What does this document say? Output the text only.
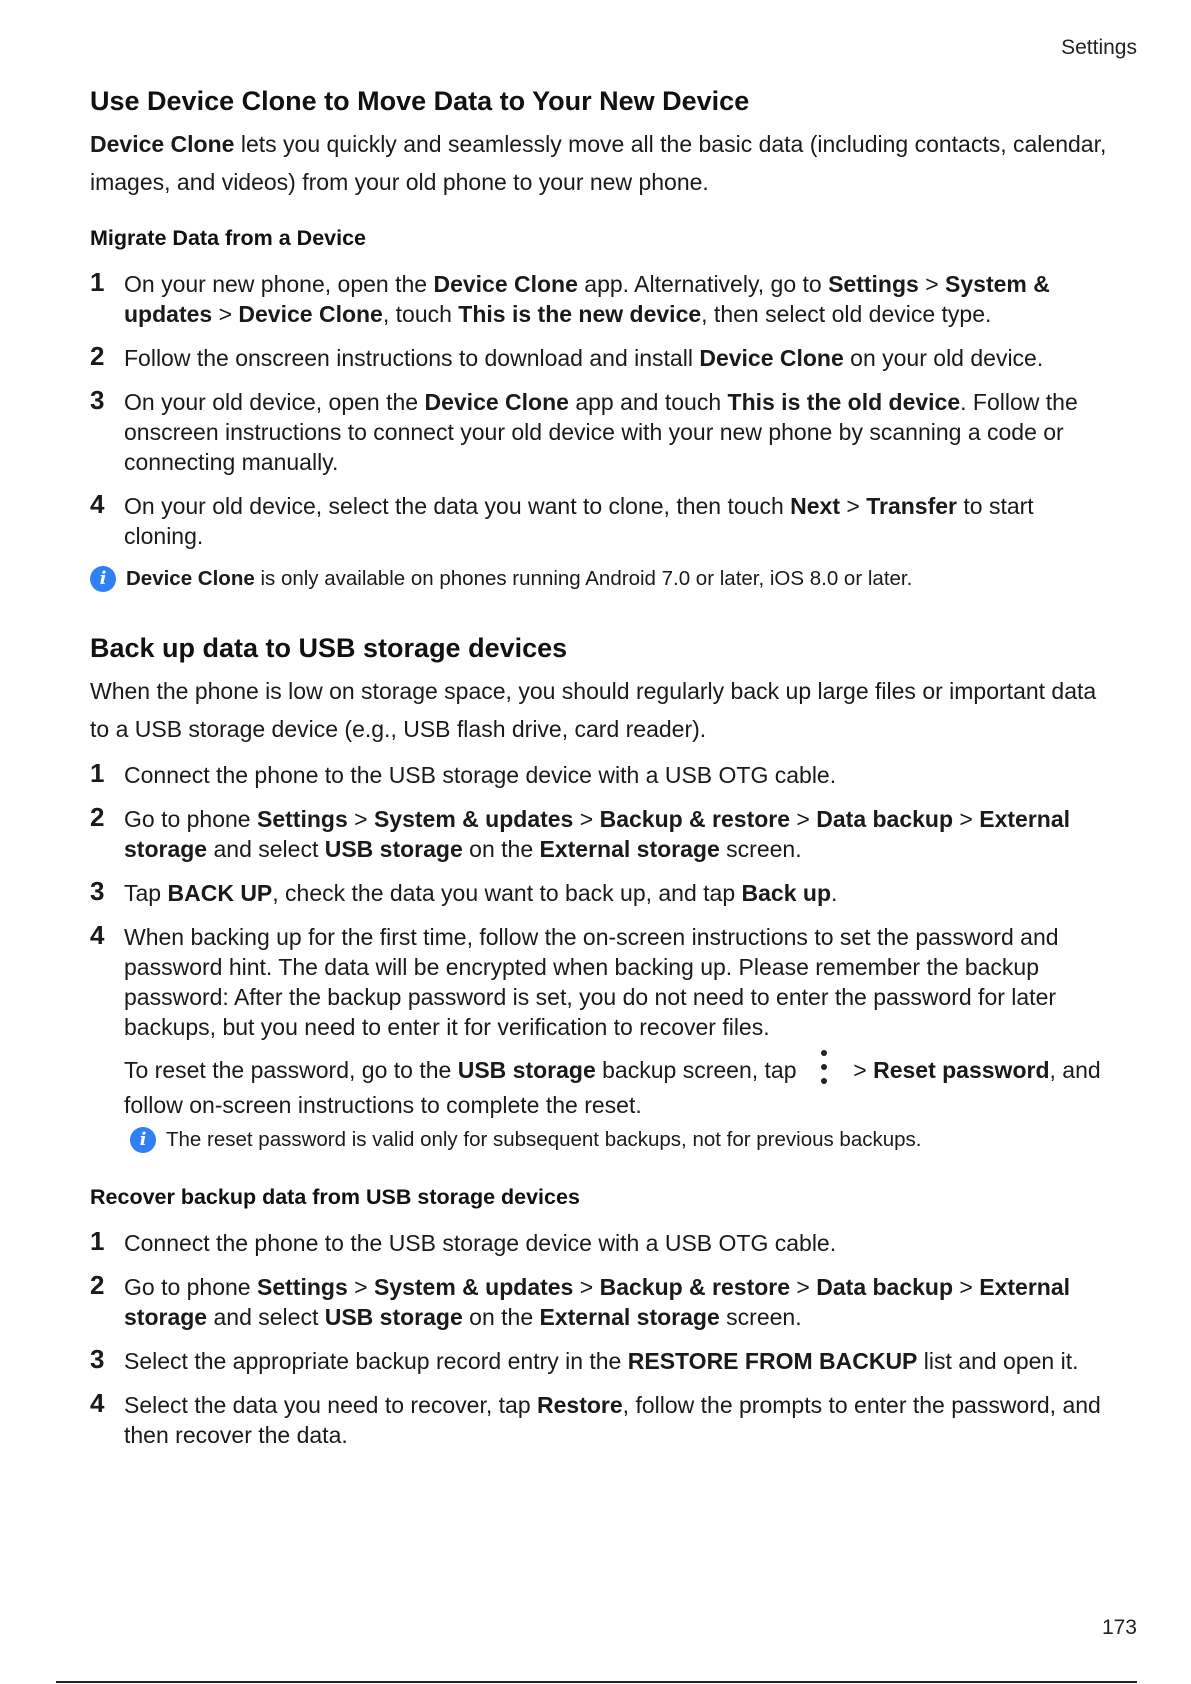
Settings
Use Device Clone to Move Data to Your New Device

Device Clone lets you quickly and seamlessly move all the basic data (including contacts, calendar, images, and videos) from your old phone to your new phone.

Migrate Data from a Device
1 On your new phone, open the Device Clone app. Alternatively, go to Settings > System & updates > Device Clone, touch This is the new device, then select old device type.

2 Follow the onscreen instructions to download and install Device Clone on your old device.

3 On your old device, open the Device Clone app and touch This is the old device. Follow the onscreen instructions to connect your old device with your new phone by scanning a code or connecting manually.

4 On your old device, select the data you want to clone, then touch Next > Transfer to start cloning.

i Device Clone is only available on phones running Android 7.0 or later, iOS 8.0 or later.
Back up data to USB storage devices

When the phone is low on storage space, you should regularly back up large files or important data to a USB storage device (e.g., USB flash drive, card reader).

1 Connect the phone to the USB storage device with a USB OTG cable.

2 Go to phone Settings > System & updates > Backup & restore > Data backup > External storage and select USB storage on the External storage screen.

3 Tap BACK UP, check the data you want to back up, and tap Back up.

4 When backing up for the first time, follow the on-screen instructions to set the password and password hint. The data will be encrypted when backing up. Please remember the backup password: After the backup password is set, you do not need to enter the password for later backups, but you need to enter it for verification to recover files.

To reset the password, go to the USB storage backup screen, tap
> Reset password, and follow on-screen instructions to complete the reset.

i The reset password is valid only for subsequent backups, not for previous backups.
Recover backup data from USB storage devices
1 Connect the phone to the USB storage device with a USB OTG cable.

2 Go to phone Settings > System & updates > Backup & restore > Data backup > External storage and select USB storage on the External storage screen.

3 Select the appropriate backup record entry in the RESTORE FROM BACKUP list and open it.

4 Select the data you need to recover, tap Restore, follow the prompts to enter the password, and then recover the data.

173
